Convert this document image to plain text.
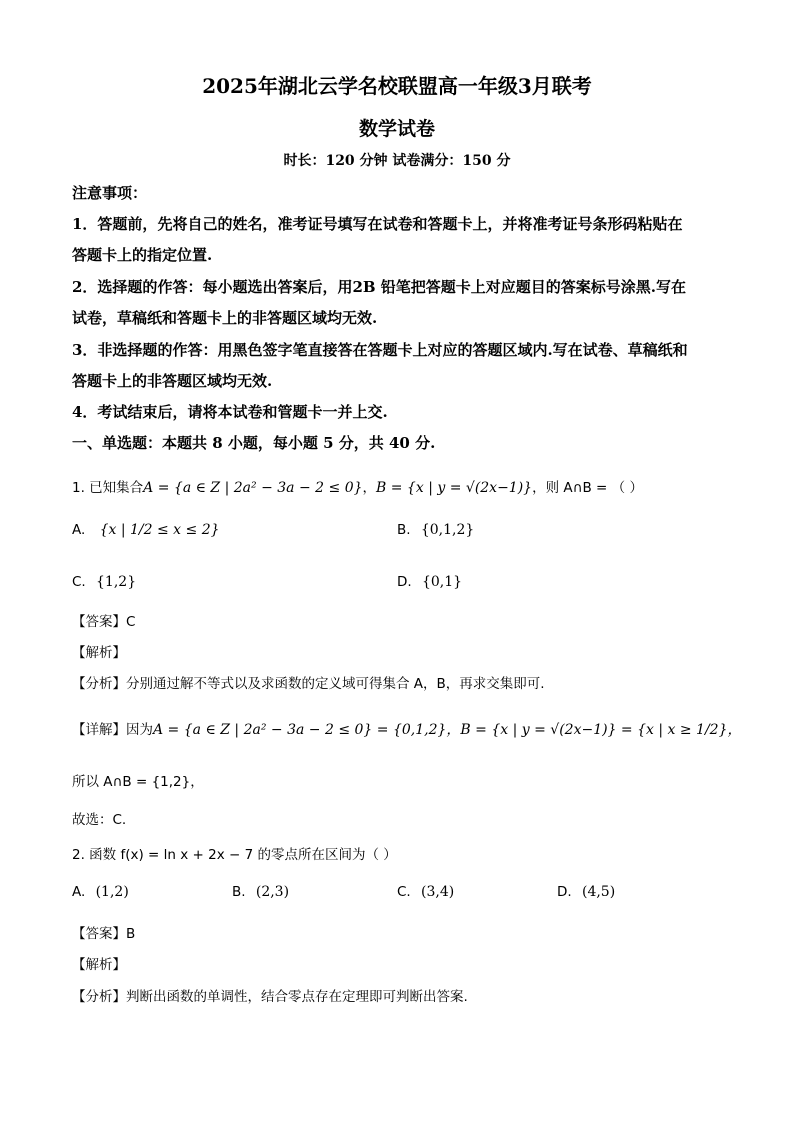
2025年湖北云学名校联盟高一年级3月联考
数学试卷
时长：120 分钟 试卷满分：150 分
注意事项：
1．答题前，先将自己的姓名，准考证号填写在试卷和答题卡上，并将准考证号条形码粘贴在
答题卡上的指定位置.
2．选择题的作答：每小题选出答案后，用2B 铅笔把答题卡上对应题目的答案标号涂黑.写在
试卷，草稿纸和答题卡上的非答题区域均无效.
3．非选择题的作答：用黑色签字笔直接答在答题卡上对应的答题区域内.写在试卷、草稿纸和
答题卡上的非答题区域均无效.
4．考试结束后，请将本试卷和管题卡一并上交.
一、单选题：本题共 8 小题，每小题 5 分，共 40 分.
1. 已知集合A = {a ∈ Z | 2a² − 3a − 2 ≤ 0}，B = {x | y = √(2x−1)}，则 A∩B = （ ）
A. {x | 1/2 ≤ x ≤ 2}	B. {0,1,2}
C. {1,2}	D. {0,1}
【答案】C
【解析】
【分析】分别通过解不等式以及求函数的定义域可得集合 A，B，再求交集即可.
【详解】因为A = {a ∈ Z | 2a² − 3a − 2 ≤ 0} = {0,1,2}，B = {x | y = √(2x−1)} = {x | x ≥ 1/2}，
所以 A∩B = {1,2}，
故选：C.
2. 函数 f(x) = ln x + 2x − 7 的零点所在区间为（ ）
A. (1,2)	B. (2,3)	C. (3,4)	D. (4,5)
【答案】B
【解析】
【分析】判断出函数的单调性，结合零点存在定理即可判断出答案.
